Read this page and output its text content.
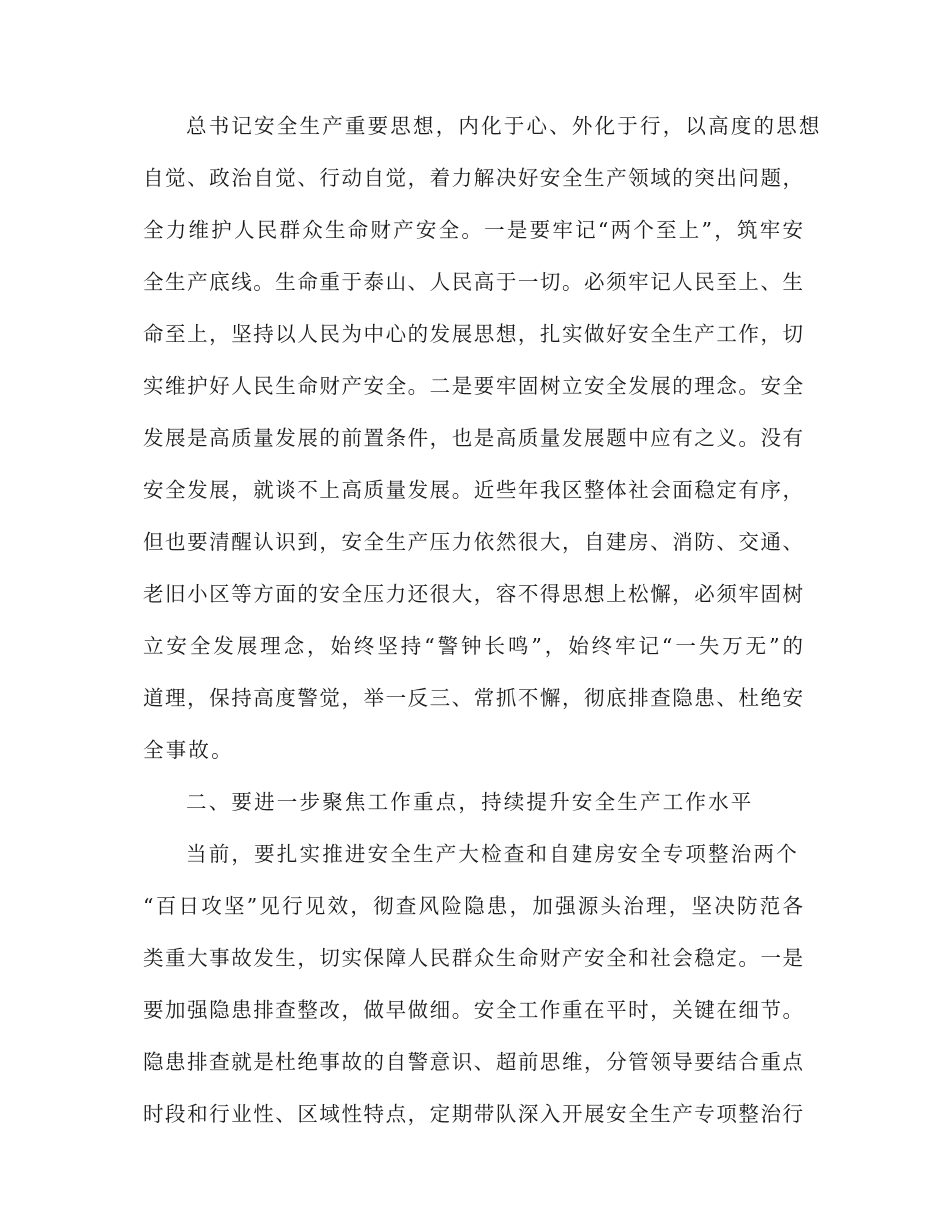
总书记安全生产重要思想，内化于心、外化于行，以高度的思想
自觉、政治自觉、行动自觉，着力解决好安全生产领域的突出问题，
全力维护人民群众生命财产安全。一是要牢记“两个至上”，筑牢安
全生产底线。生命重于泰山、人民高于一切。必须牢记人民至上、生
命至上，坚持以人民为中心的发展思想，扎实做好安全生产工作，切
实维护好人民生命财产安全。二是要牢固树立安全发展的理念。安全
发展是高质量发展的前置条件，也是高质量发展题中应有之义。没有
安全发展，就谈不上高质量发展。近些年我区整体社会面稳定有序，
但也要清醒认识到，安全生产压力依然很大，自建房、消防、交通、
老旧小区等方面的安全压力还很大，容不得思想上松懈，必须牢固树
立安全发展理念，始终坚持“警钟长鸣”，始终牢记“一失万无”的
道理，保持高度警觉，举一反三、常抓不懈，彻底排查隐患、杜绝安
全事故。
二、要进一步聚焦工作重点，持续提升安全生产工作水平
当前，要扎实推进安全生产大检查和自建房安全专项整治两个
“百日攻坚”见行见效，彻查风险隐患，加强源头治理，坚决防范各
类重大事故发生，切实保障人民群众生命财产安全和社会稳定。一是
要加强隐患排查整改，做早做细。安全工作重在平时，关键在细节。
隐患排查就是杜绝事故的自警意识、超前思维，分管领导要结合重点
时段和行业性、区域性特点，定期带队深入开展安全生产专项整治行
